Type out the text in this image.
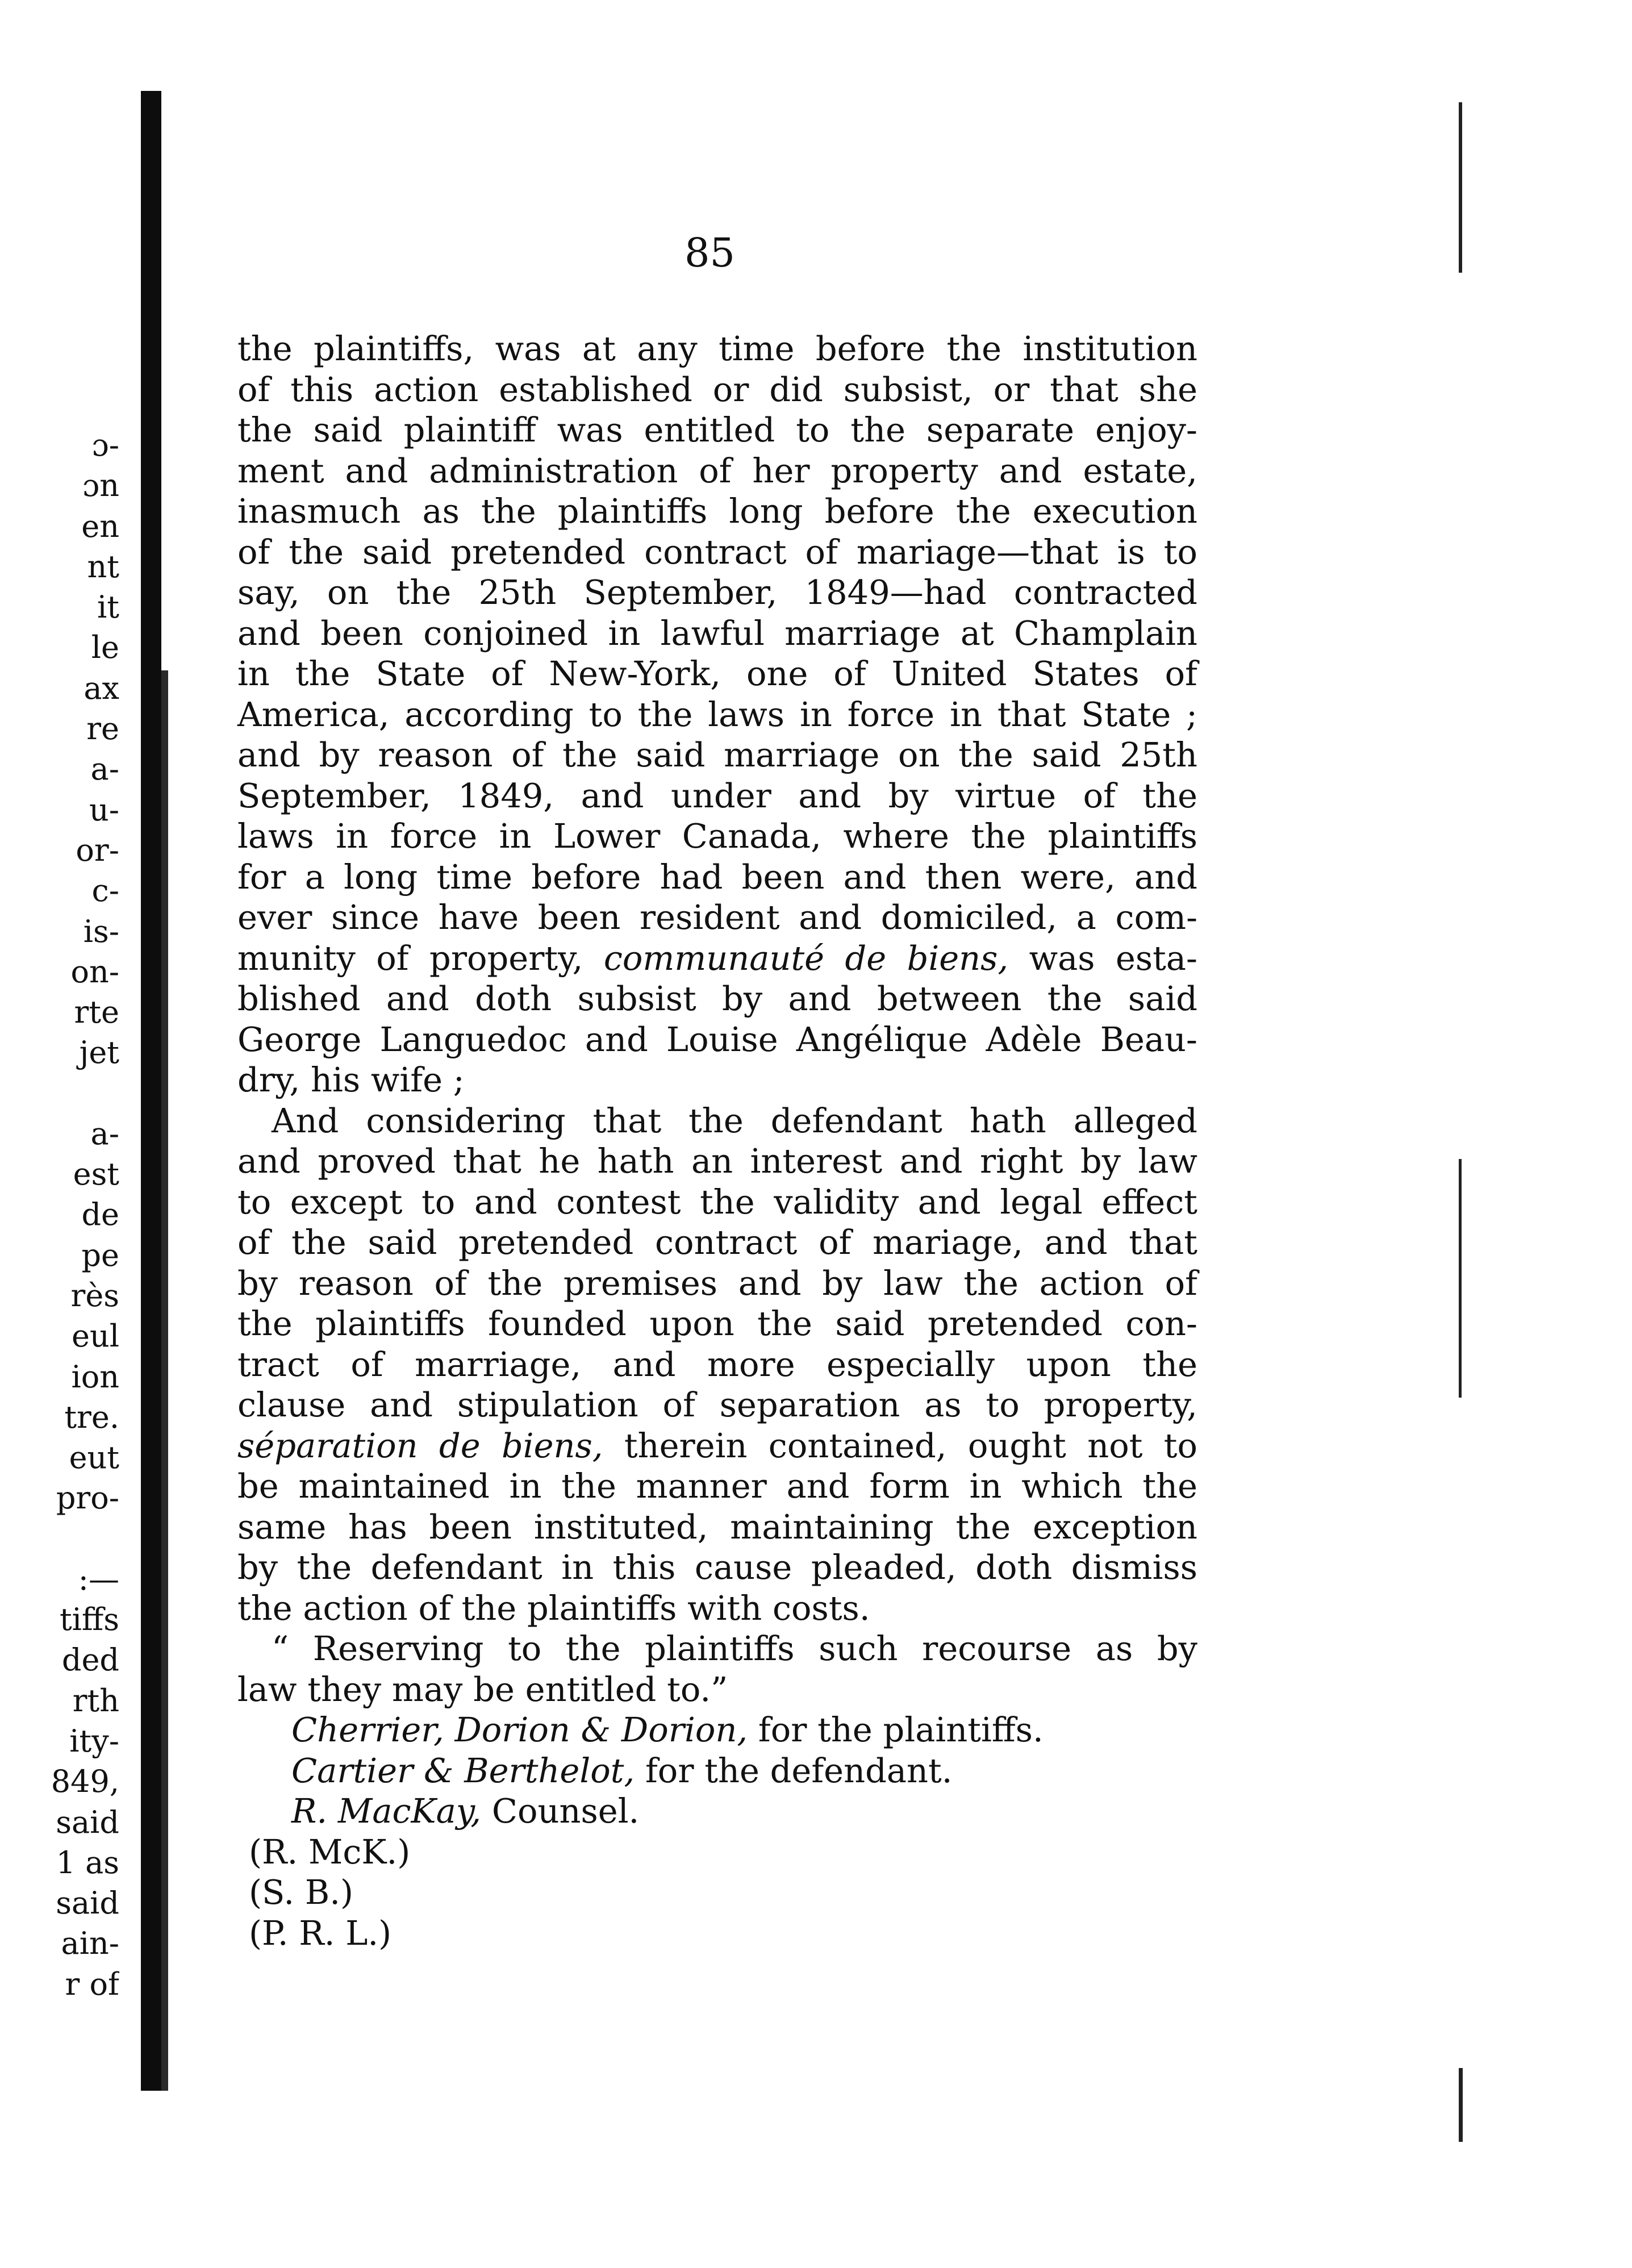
ɔ-
ɔn
en
nt
it
le
ax
re
a-
u-
or-
c-
is-
on-
rte
jet
a-
est
de
pe
rès
eul
ion
tre.
eut
pro-
:—
tiffs
ded
rth
ity-
849,
said
1 as
said
ain-
r of
85
the plaintiffs, was at any time before the institution
of this action established or did subsist, or that she
the said plaintiff was entitled to the separate enjoy-
ment and administration of her property and estate,
inasmuch as the plaintiffs long before the execution
of the said pretended contract of mariage—that is to
say, on the 25th September, 1849—had contracted
and been conjoined in lawful marriage at Champlain
in the State of New-York, one of United States of
America, according to the laws in force in that State ;
and by reason of the said marriage on the said 25th
September, 1849, and under and by virtue of the
laws in force in Lower Canada, where the plaintiffs
for a long time before had been and then were, and
ever since have been resident and domiciled, a com-
munity of property, communauté de biens, was esta-
blished and doth subsist by and between the said
George Languedoc and Louise Angélique Adèle Beau-
dry, his wife ;
And considering that the defendant hath alleged
and proved that he hath an interest and right by law
to except to and contest the validity and legal effect
of the said pretended contract of mariage, and that
by reason of the premises and by law the action of
the plaintiffs founded upon the said pretended con-
tract of marriage, and more especially upon the
clause and stipulation of separation as to property,
séparation de biens, therein contained, ought not to
be maintained in the manner and form in which the
same has been instituted, maintaining the exception
by the defendant in this cause pleaded, doth dismiss
the action of the plaintiffs with costs.
“ Reserving to the plaintiffs such recourse as by
law they may be entitled to.”
Cherrier, Dorion & Dorion, for the plaintiffs.
Cartier & Berthelot, for the defendant.
R. MacKay, Counsel.
(R. McK.)
(S. B.)
(P. R. L.)
